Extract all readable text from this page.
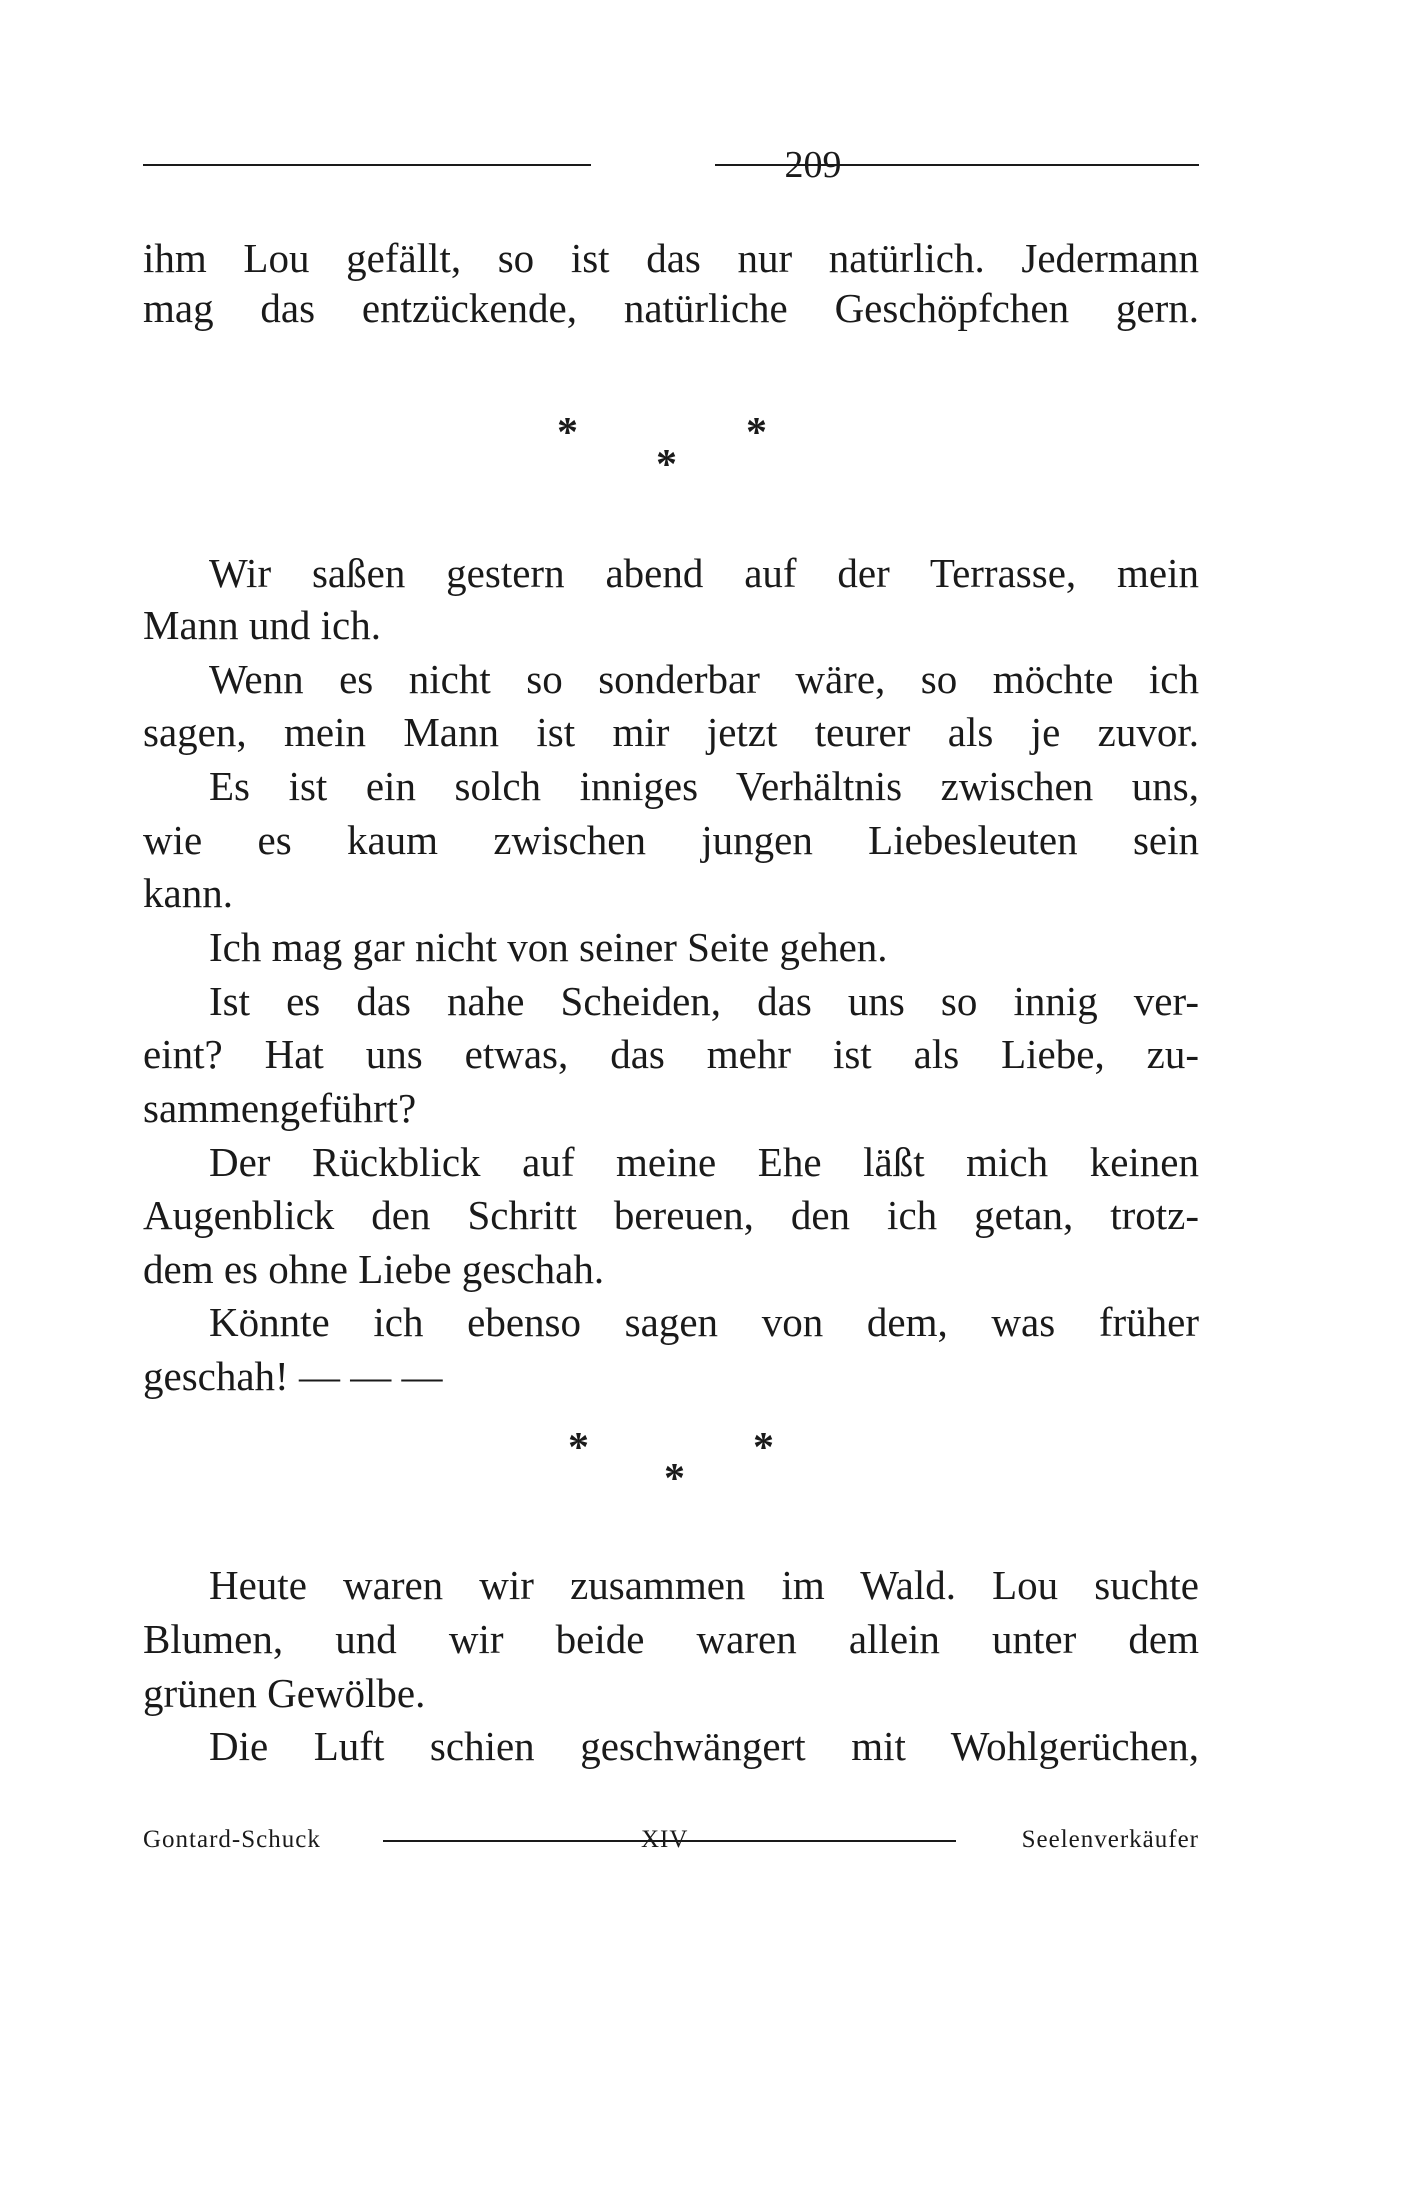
209
ihm Lou gefällt, so ist das nur natürlich. Jedermann
mag das entzückende, natürliche Geschöpfchen gern.
*	*
*
Wir saßen gestern abend auf der Terrasse, mein
Mann und ich.
Wenn es nicht so sonderbar wäre, so möchte ich
sagen, mein Mann ist mir jetzt teurer als je zuvor.
Es ist ein solch inniges Verhältnis zwischen uns,
wie es kaum zwischen jungen Liebesleuten sein
kann.
Ich mag gar nicht von seiner Seite gehen.
Ist es das nahe Scheiden, das uns so innig ver-
eint? Hat uns etwas, das mehr ist als Liebe, zu-
sammengeführt?
Der Rückblick auf meine Ehe läßt mich keinen
Augenblick den Schritt bereuen, den ich getan, trotz-
dem es ohne Liebe geschah.
Könnte ich ebenso sagen von dem, was früher
geschah! — — —
*	*
*
Heute waren wir zusammen im Wald. Lou suchte
Blumen, und wir beide waren allein unter dem
grünen Gewölbe.
Die Luft schien geschwängert mit Wohlgerüchen,
Gontard-Schuck	XIV	Seelenverkäufer
